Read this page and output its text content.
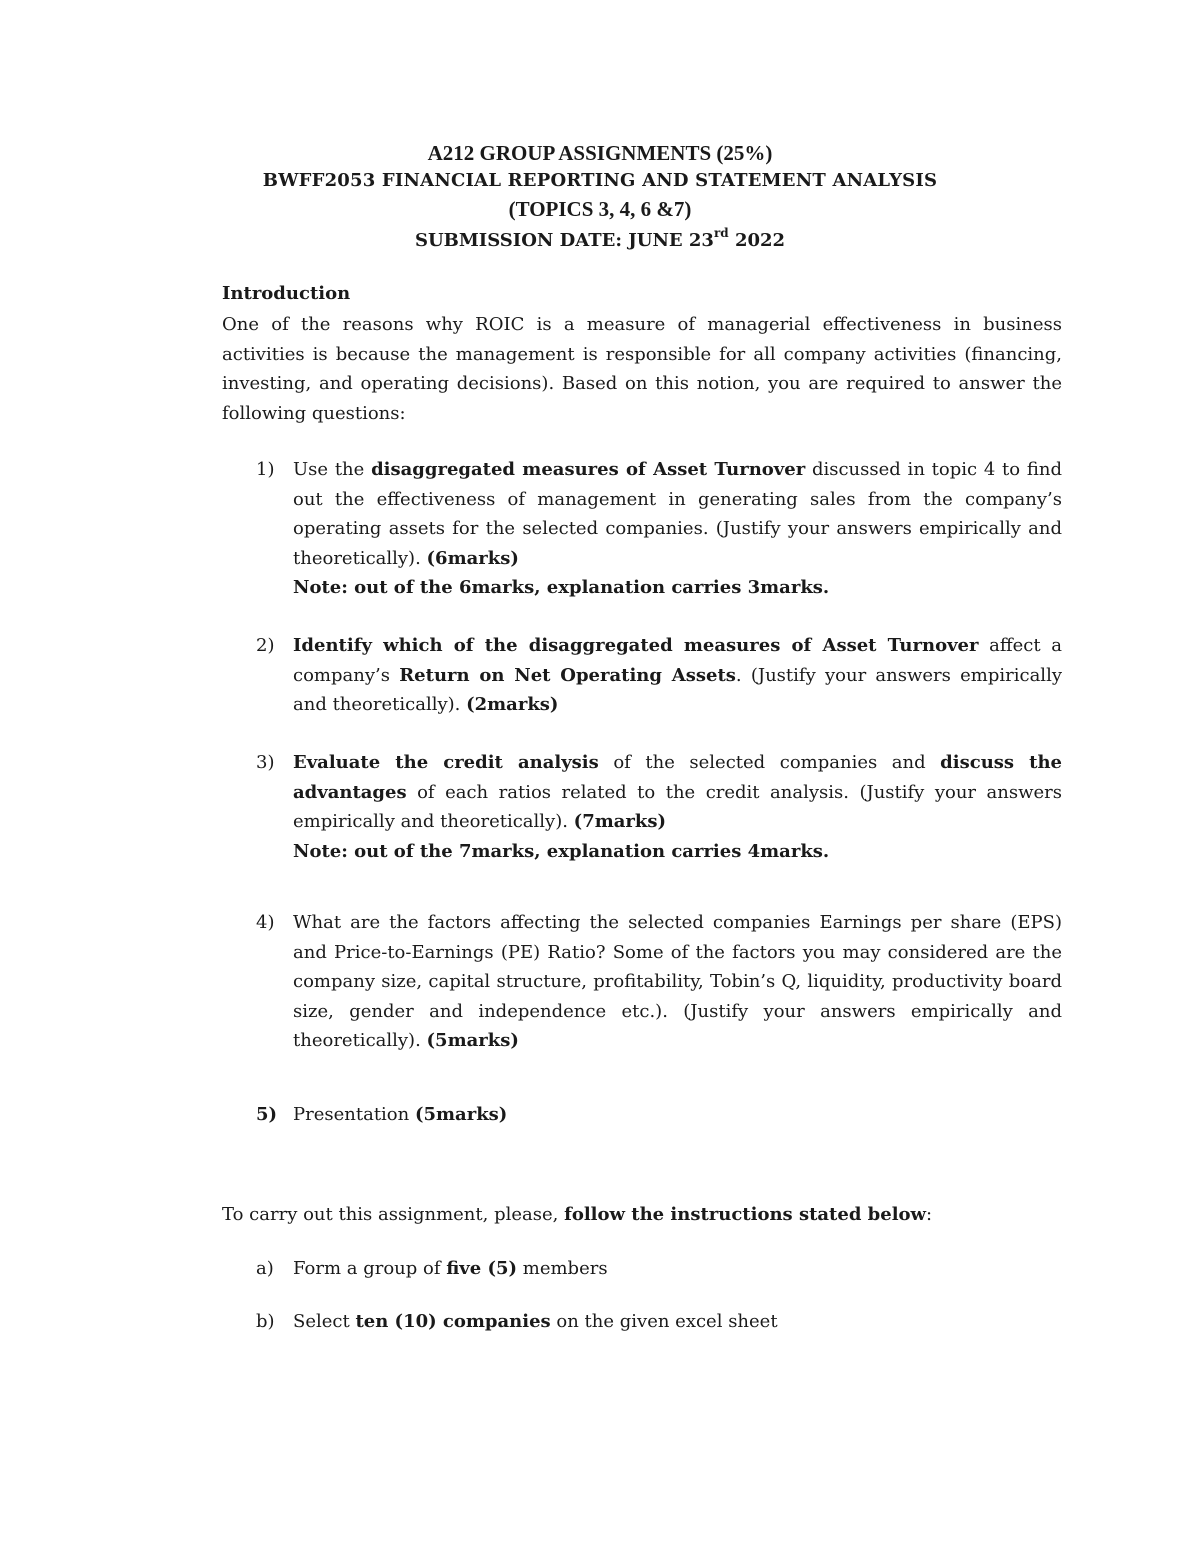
A212 GROUP ASSIGNMENTS (25%)
BWFF2053 FINANCIAL REPORTING AND STATEMENT ANALYSIS
(TOPICS 3, 4, 6 &7)
SUBMISSION DATE: JUNE 23rd 2022
Introduction
One of the reasons why ROIC is a measure of managerial effectiveness in business activities is because the management is responsible for all company activities (financing, investing, and operating decisions). Based on this notion, you are required to answer the following questions:
1)	Use the disaggregated measures of Asset Turnover discussed in topic 4 to find out the effectiveness of management in generating sales from the company’s operating assets for the selected companies. (Justify your answers empirically and theoretically). (6marks)
Note: out of the 6marks, explanation carries 3marks.
2)	Identify which of the disaggregated measures of Asset Turnover affect a company’s Return on Net Operating Assets. (Justify your answers empirically and theoretically). (2marks)
3)	Evaluate the credit analysis of the selected companies and discuss the advantages of each ratios related to the credit analysis. (Justify your answers empirically and theoretically). (7marks)
Note: out of the 7marks, explanation carries 4marks.
4)	What are the factors affecting the selected companies Earnings per share (EPS) and Price-to-Earnings (PE) Ratio? Some of the factors you may considered are the company size, capital structure, profitability, Tobin’s Q, liquidity, productivity board size, gender and independence etc.). (Justify your answers empirically and theoretically). (5marks)
5) Presentation (5marks)
To carry out this assignment, please, follow the instructions stated below:
a) Form a group of five (5) members
b) Select ten (10) companies on the given excel sheet
